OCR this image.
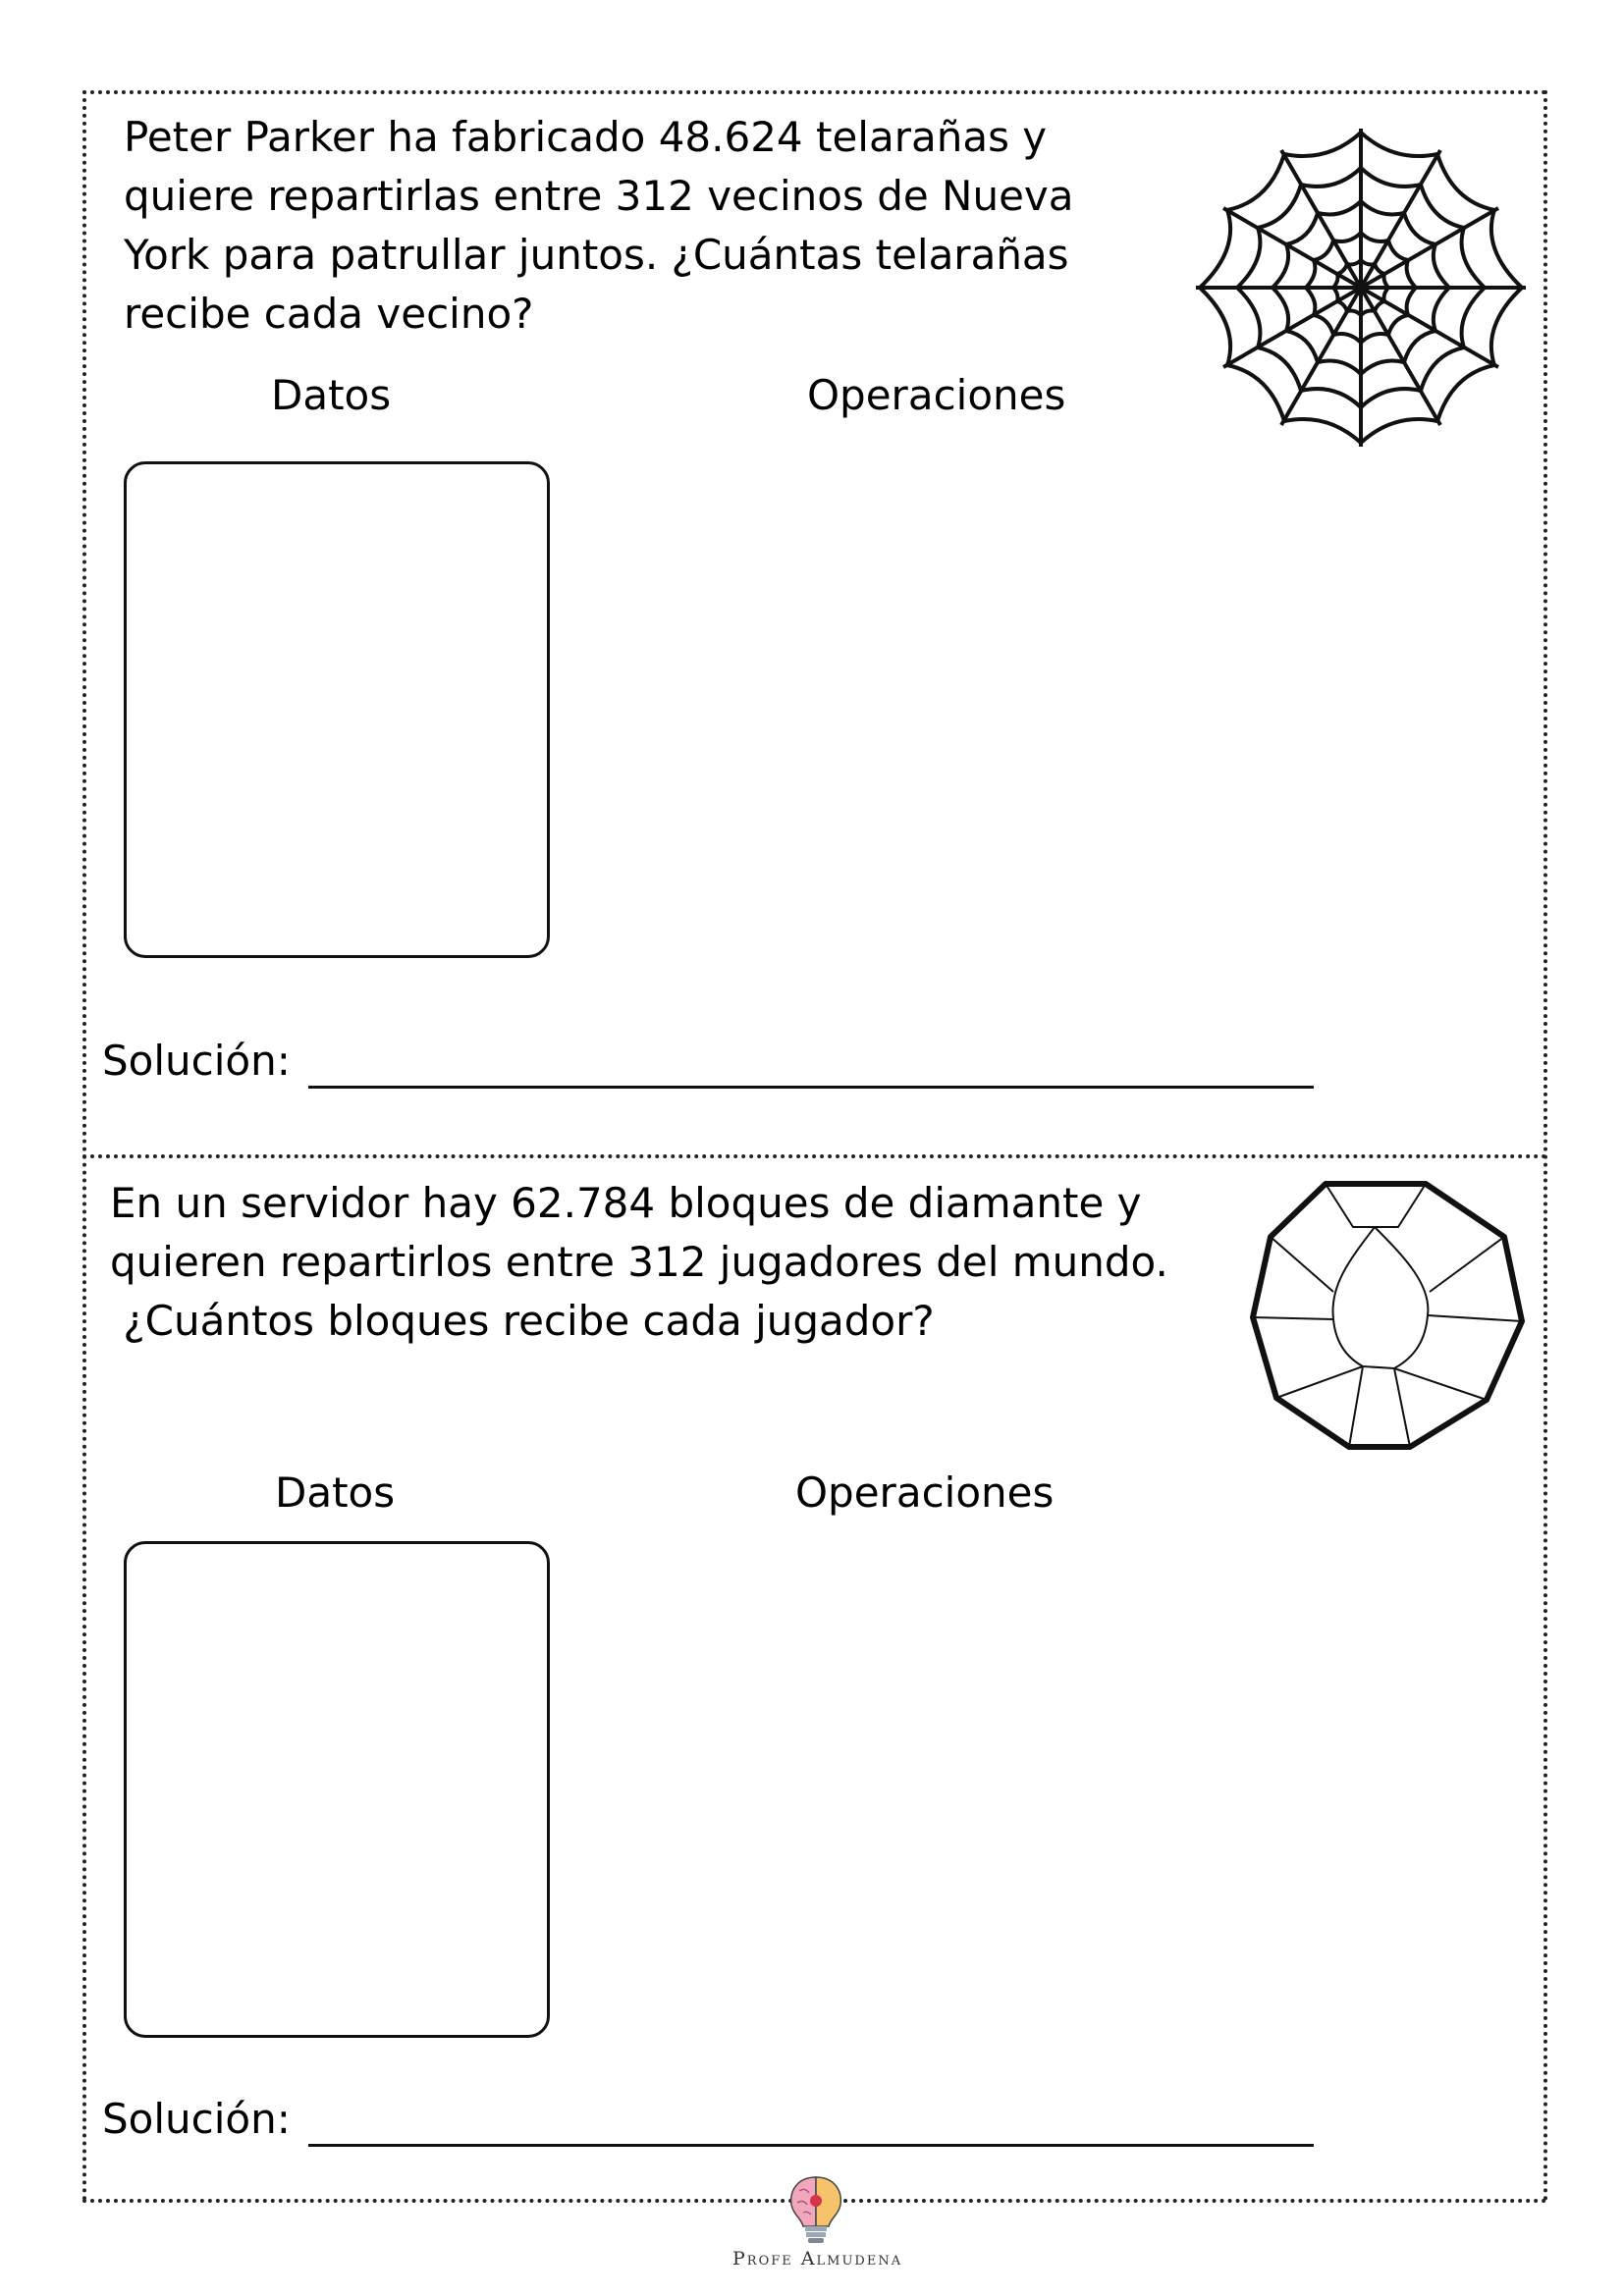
Peter Parker ha fabricado 48.624 telarañas y
quiere repartirlas entre 312 vecinos de Nueva
York para patrullar juntos. ¿Cuántas telarañas
recibe cada vecino?

Datos	Operaciones
Solución:

En un servidor hay 62.784 bloques de diamante y
quieren repartirlos entre 312 jugadores del mundo.
¿Cuántos bloques recibe cada jugador?

Datos	Operaciones
Solución:
Profe Almudena
